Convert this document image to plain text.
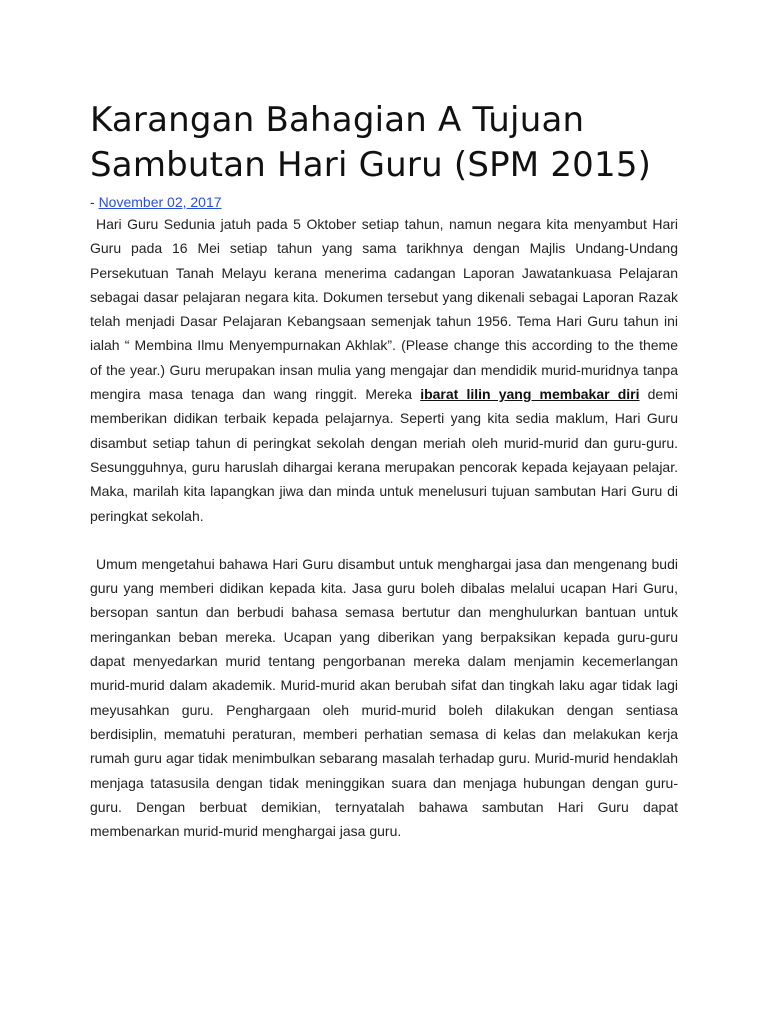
Karangan Bahagian A Tujuan Sambutan Hari Guru (SPM 2015)
- November 02, 2017

Hari Guru Sedunia jatuh pada 5 Oktober setiap tahun, namun negara kita menyambut Hari Guru pada 16 Mei setiap tahun yang sama tarikhnya dengan Majlis Undang-Undang Persekutuan Tanah Melayu kerana menerima cadangan Laporan Jawatankuasa Pelajaran sebagai dasar pelajaran negara kita. Dokumen tersebut yang dikenali sebagai Laporan Razak telah menjadi Dasar Pelajaran Kebangsaan semenjak tahun 1956. Tema Hari Guru tahun ini ialah “ Membina Ilmu Menyempurnakan Akhlak”. (Please change this according to the theme of the year.) Guru merupakan insan mulia yang mengajar dan mendidik murid-muridnya tanpa mengira masa tenaga dan wang ringgit. Mereka ibarat lilin yang membakar diri demi memberikan didikan terbaik kepada pelajarnya. Seperti yang kita sedia maklum, Hari Guru disambut setiap tahun di peringkat sekolah dengan meriah oleh murid-murid dan guru-guru. Sesungguhnya, guru haruslah dihargai kerana merupakan pencorak kepada kejayaan pelajar. Maka, marilah kita lapangkan jiwa dan minda untuk menelusuri tujuan sambutan Hari Guru di peringkat sekolah.

Umum mengetahui bahawa Hari Guru disambut untuk menghargai jasa dan mengenang budi guru yang memberi didikan kepada kita. Jasa guru boleh dibalas melalui ucapan Hari Guru, bersopan santun dan berbudi bahasa semasa bertutur dan menghulurkan bantuan untuk meringankan beban mereka. Ucapan yang diberikan yang berpaksikan kepada guru-guru dapat menyedarkan murid tentang pengorbanan mereka dalam menjamin kecemerlangan murid-murid dalam akademik. Murid-murid akan berubah sifat dan tingkah laku agar tidak lagi meyusahkan guru. Penghargaan oleh murid-murid boleh dilakukan dengan sentiasa berdisiplin, mematuhi peraturan, memberi perhatian semasa di kelas dan melakukan kerja rumah guru agar tidak menimbulkan sebarang masalah terhadap guru. Murid-murid hendaklah menjaga tatasusila dengan tidak meninggikan suara dan menjaga hubungan dengan guru-guru. Dengan berbuat demikian, ternyatalah bahawa sambutan Hari Guru dapat membenarkan murid-murid menghargai jasa guru.
